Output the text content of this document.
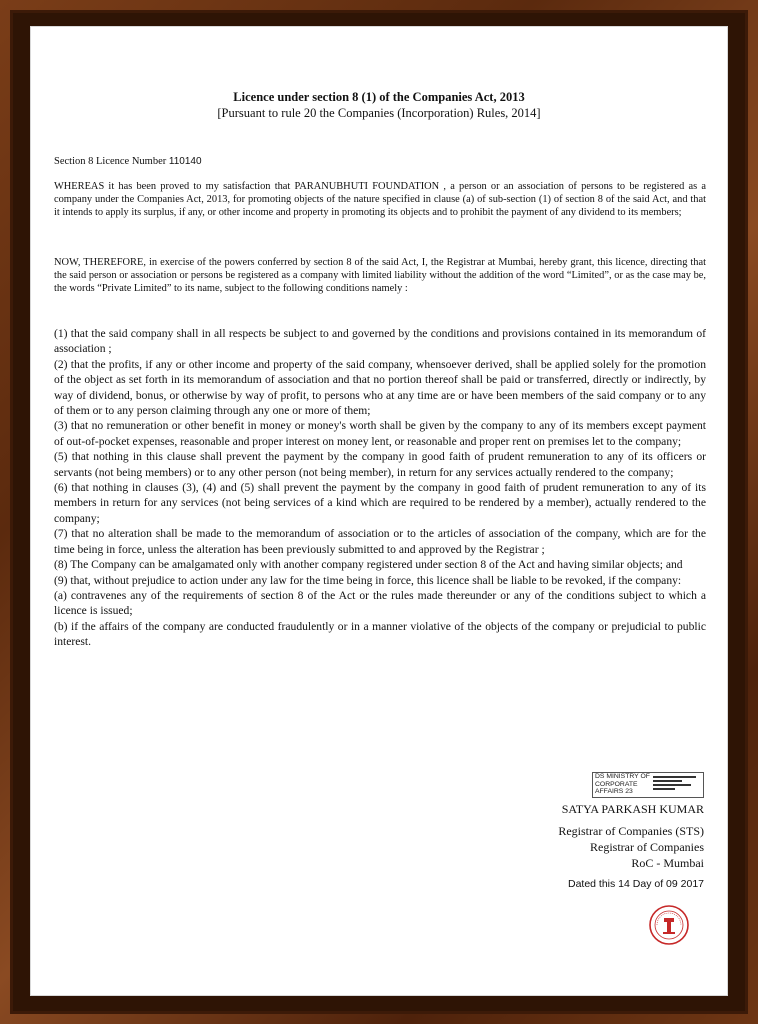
Licence under section 8 (1) of the Companies Act, 2013
[Pursuant to rule 20 the Companies (Incorporation) Rules, 2014]
Section 8 Licence Number 110140

WHEREAS it has been proved to my satisfaction that PARANUBHUTI FOUNDATION , a person or an association of persons to be registered as a company under the Companies Act, 2013, for promoting objects of the nature specified in clause (a) of sub-section (1) of section 8 of the said Act, and that it intends to apply its surplus, if any, or other income and property in promoting its objects and to prohibit the payment of any dividend to its members;

NOW, THEREFORE, in exercise of the powers conferred by section 8 of the said Act, I, the Registrar at Mumbai, hereby grant, this licence, directing that the said person or association or persons be registered as a company with limited liability without the addition of the word “Limited”, or as the case may be, the words “Private Limited” to its name, subject to the following conditions namely :

(1) that the said company shall in all respects be subject to and governed by the conditions and provisions contained in its memorandum of association ;

(2) that the profits, if any or other income and property of the said company, whensoever derived, shall be applied solely for the promotion of the object as set forth in its memorandum of association and that no portion thereof shall be paid or transferred, directly or indirectly, by way of dividend, bonus, or otherwise by way of profit, to persons who at any time are or have been members of the said company or to any of them or to any person claiming through any one or more of them;

(3) that no remuneration or other benefit in money or money's worth shall be given by the company to any of its members except payment of out-of-pocket expenses, reasonable and proper interest on money lent, or reasonable and proper rent on premises let to the company;

(5) that nothing in this clause shall prevent the payment by the company in good faith of prudent remuneration to any of its officers or servants (not being members) or to any other person (not being member), in return for any services actually rendered to the company;

(6) that nothing in clauses (3), (4) and (5) shall prevent the payment by the company in good faith of prudent remuneration to any of its members in return for any services (not being services of a kind which are required to be rendered by a member), actually rendered to the company;

(7) that no alteration shall be made to the memorandum of association or to the articles of association of the company, which are for the time being in force, unless the alteration has been previously submitted to and approved by the Registrar ;

(8) The Company can be amalgamated only with another company registered under section 8 of the Act and having similar objects; and

(9) that, without prejudice to action under any law for the time being in force, this licence shall be liable to be revoked, if the company:

(a) contravenes any of the requirements of section 8 of the Act or the rules made thereunder or any of the conditions subject to which a licence is issued;

(b) if the affairs of the company are conducted fraudulently or in a manner violative of the objects of the company or prejudicial to public interest.

DS MINISTRY OF
CORPORATE
AFFAIRS 23
SATYA PARKASH KUMAR
Registrar of Companies (STS)
Registrar of Companies
RoC - Mumbai
Dated this 14 Day of 09 2017
